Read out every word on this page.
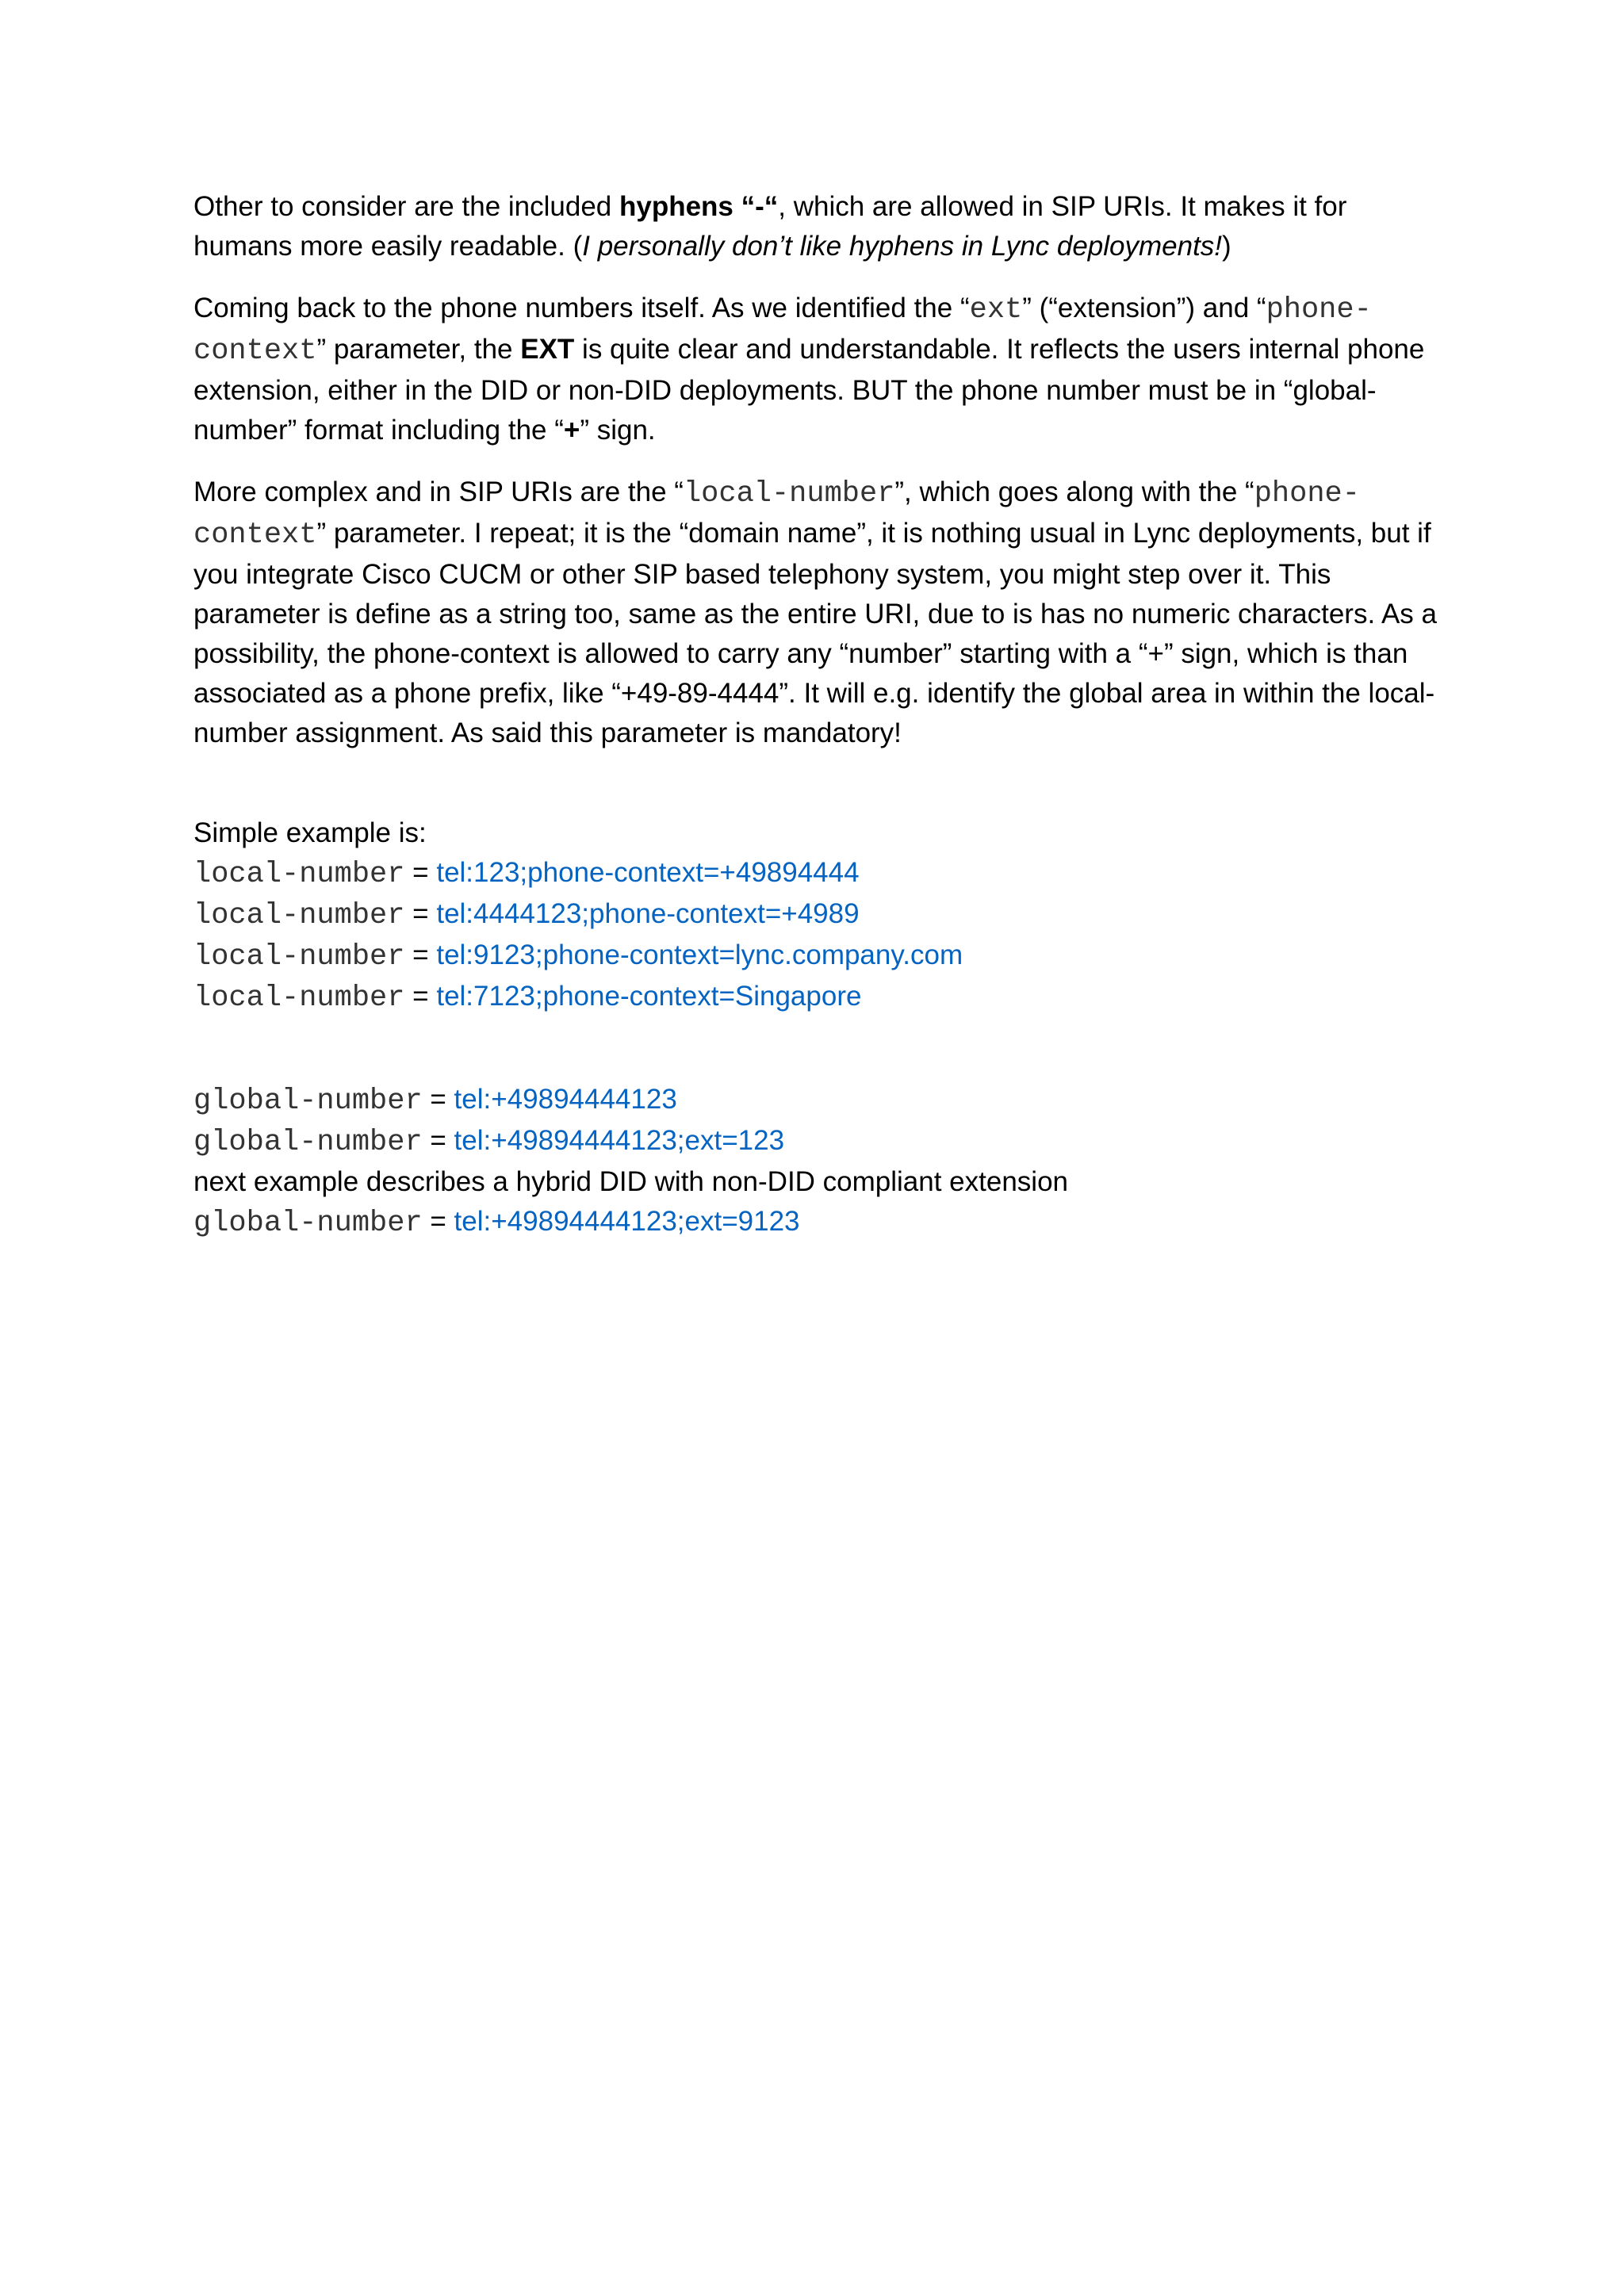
Other to consider are the included hyphens “-“, which are allowed in SIP URIs. It makes it for humans more easily readable. (I personally don’t like hyphens in Lync deployments!)

Coming back to the phone numbers itself. As we identified the “ext” (“extension”) and “phone-context” parameter, the EXT is quite clear and understandable. It reflects the users internal phone extension, either in the DID or non-DID deployments. BUT the phone number must be in “global-number” format including the “+” sign.

More complex and in SIP URIs are the “local-number”, which goes along with the “phone-context” parameter. I repeat; it is the “domain name”, it is nothing usual in Lync deployments, but if you integrate Cisco CUCM or other SIP based telephony system, you might step over it. This parameter is define as a string too, same as the entire URI, due to is has no numeric characters. As a possibility, the phone-context is allowed to carry any “number” starting with a “+” sign, which is than associated as a phone prefix, like “+49-89-4444”. It will e.g. identify the global area in within the local-number assignment. As said this parameter is mandatory!

Simple example is:
local-number = tel:123;phone-context=+49894444
local-number = tel:4444123;phone-context=+4989
local-number = tel:9123;phone-context=lync.company.com
local-number = tel:7123;phone-context=Singapore
global-number = tel:+49894444123
global-number = tel:+49894444123;ext=123
next example describes a hybrid DID with non-DID compliant extension
global-number = tel:+49894444123;ext=9123
